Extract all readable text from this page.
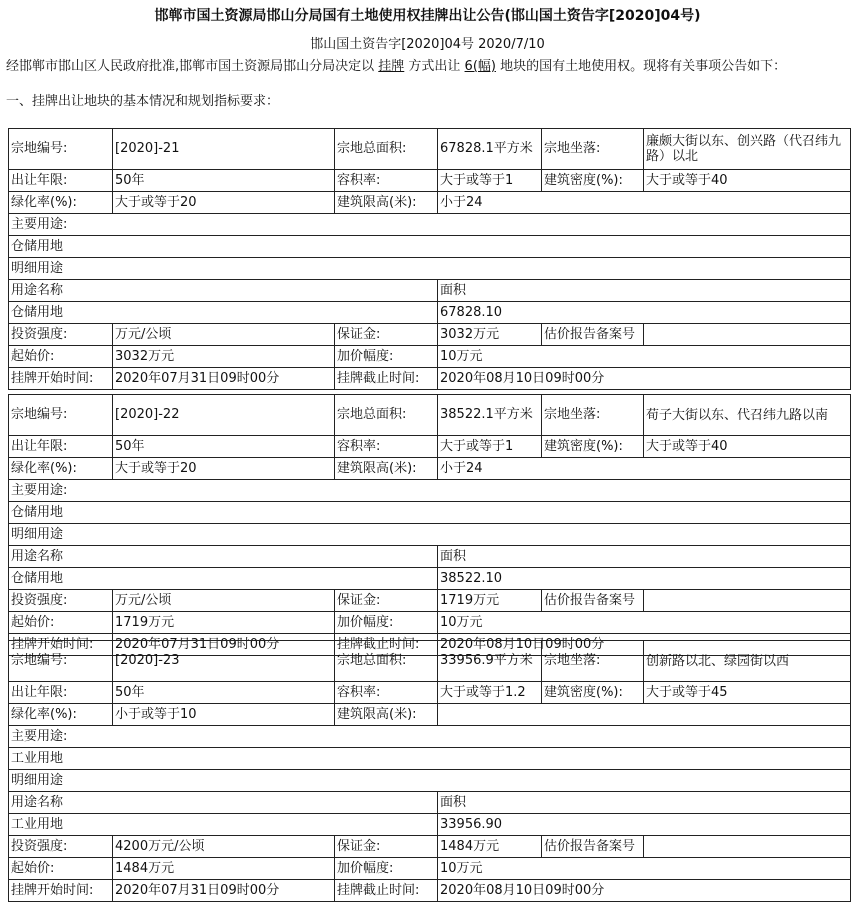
邯郸市国土资源局邯山分局国有土地使用权挂牌出让公告(邯山国土资告字[2020]04号)
邯山国土资告字[2020]04号 2020/7/10
经邯郸市邯山区人民政府批准,邯郸市国土资源局邯山分局决定以 挂牌 方式出让 6(幅) 地块的国有土地使用权。现将有关事项公告如下：
一、挂牌出让地块的基本情况和规划指标要求：
宗地编号:	[2020]-21	宗地总面积:	67828.1平方米	宗地坐落:	廉颇大街以东、创兴路（代召纬九路）以北
出让年限:	50年	容积率:	大于或等于1	建筑密度(%):	大于或等于40
绿化率(%):	大于或等于20	建筑限高(米):	小于24		
主要用途:					
仓储用地					
明细用途					
用途名称			面积		
仓储用地			67828.10		
投资强度:	万元/公顷	保证金:	3032万元	估价报告备案号	
起始价:	3032万元	加价幅度:	10万元		
挂牌开始时间:	2020年07月31日09时00分	挂牌截止时间:	2020年08月10日09时00分		
宗地编号:	[2020]-22	宗地总面积:	38522.1平方米	宗地坐落:	荀子大街以东、代召纬九路以南
出让年限:	50年	容积率:	大于或等于1	建筑密度(%):	大于或等于40
绿化率(%):	大于或等于20	建筑限高(米):	小于24		
主要用途:					
仓储用地					
明细用途					
用途名称			面积		
仓储用地			38522.10		
投资强度:	万元/公顷	保证金:	1719万元	估价报告备案号	
起始价:	1719万元	加价幅度:	10万元		
挂牌开始时间:	2020年07月31日09时00分	挂牌截止时间:	2020年08月10日09时00分		
宗地编号:	[2020]-23	宗地总面积:	33956.9平方米	宗地坐落:	创新路以北、绿园街以西
出让年限:	50年	容积率:	大于或等于1.2	建筑密度(%):	大于或等于45
绿化率(%):	小于或等于10	建筑限高(米):			
主要用途:					
工业用地					
明细用途					
用途名称			面积		
工业用地			33956.90		
投资强度:	4200万元/公顷	保证金:	1484万元	估价报告备案号	
起始价:	1484万元	加价幅度:	10万元		
挂牌开始时间:	2020年07月31日09时00分	挂牌截止时间:	2020年08月10日09时00分		
